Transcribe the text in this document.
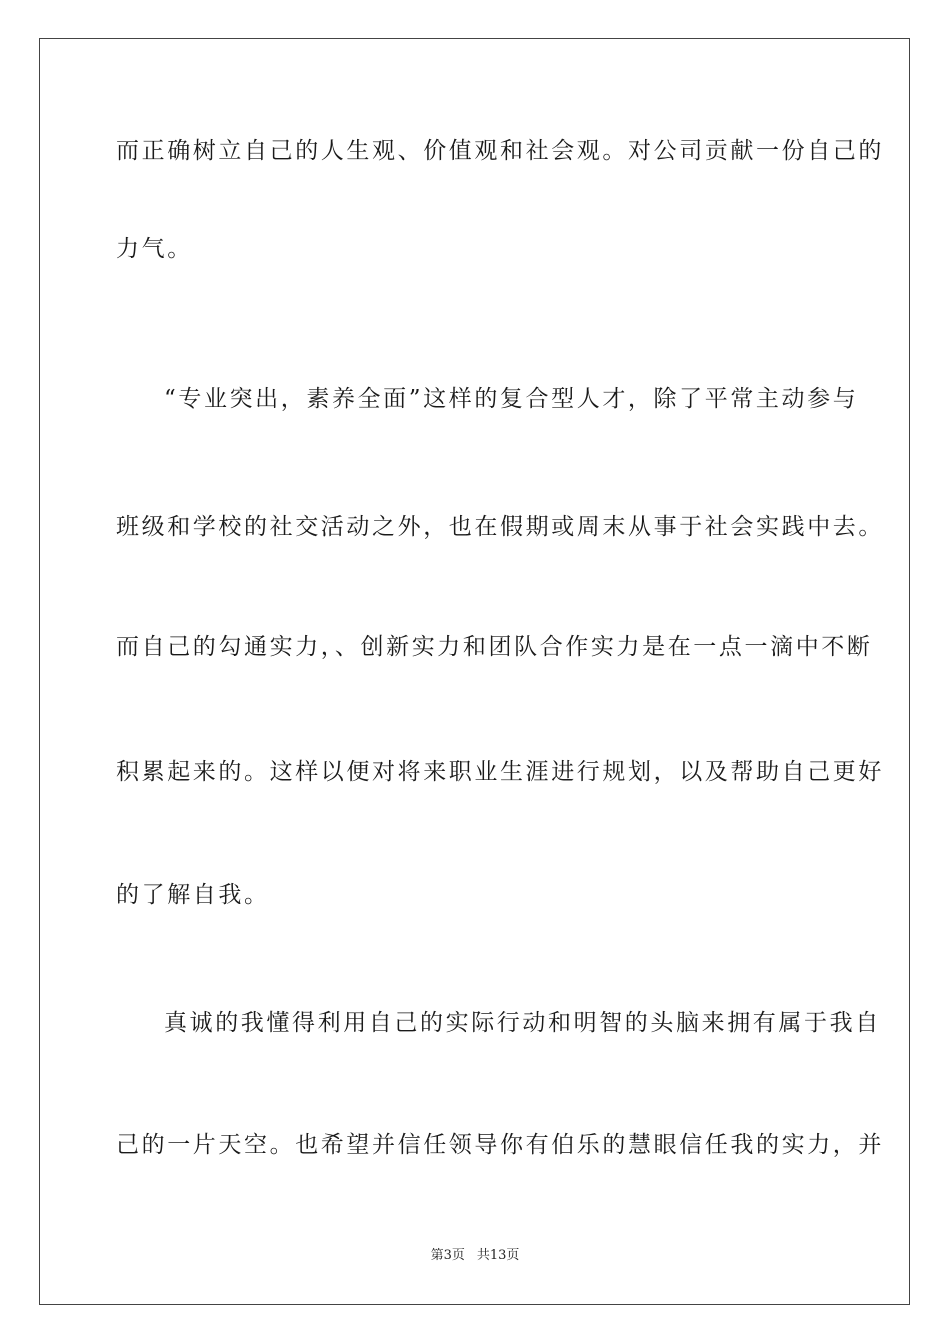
而正确树立自己的人生观、价值观和社会观。对公司贡献一份自己的
力气。
“专业突出，素养全面”这样的复合型人才，除了平常主动参与
班级和学校的社交活动之外，也在假期或周末从事于社会实践中去。
而自己的勾通实力，、创新实力和团队合作实力是在一点一滴中不断
积累起来的。这样以便对将来职业生涯进行规划，以及帮助自己更好
的了解自我。
真诚的我懂得利用自己的实际行动和明智的头脑来拥有属于我自
己的一片天空。也希望并信任领导你有伯乐的慧眼信任我的实力，并
第3页 共13页
